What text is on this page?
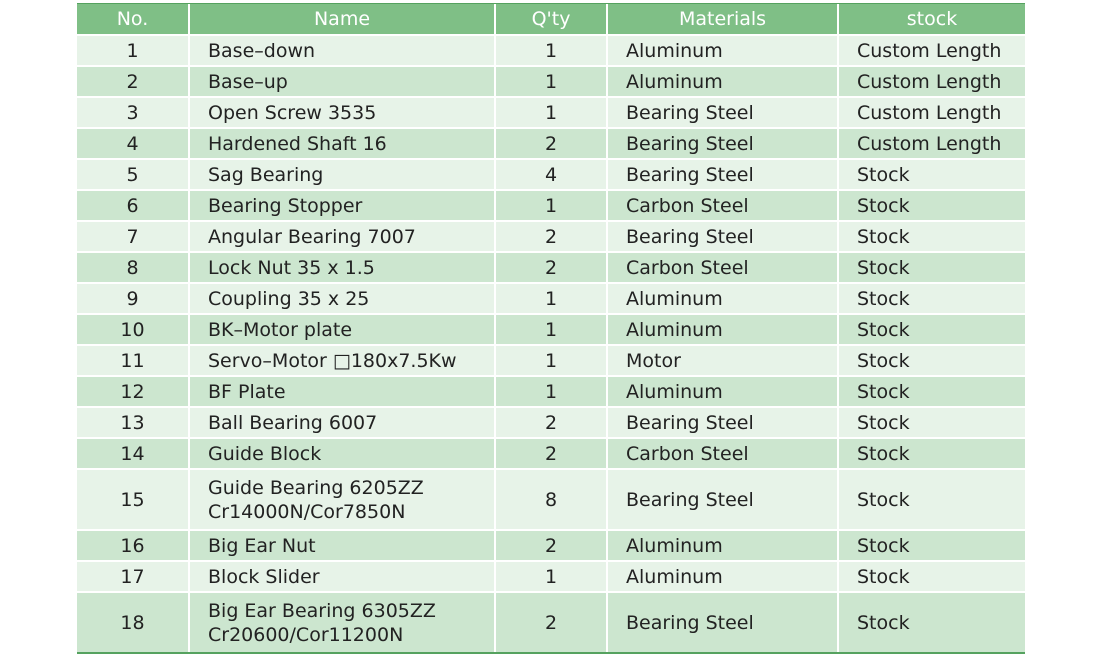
No.	Name	Q'ty	Materials	stock
1	Base–down	1	Aluminum	Custom Length
2	Base–up	1	Aluminum	Custom Length
3	Open Screw 3535	1	Bearing Steel	Custom Length
4	Hardened Shaft 16	2	Bearing Steel	Custom Length
5	Sag Bearing	4	Bearing Steel	Stock
6	Bearing Stopper	1	Carbon Steel	Stock
7	Angular Bearing 7007	2	Bearing Steel	Stock
8	Lock Nut 35 x 1.5	2	Carbon Steel	Stock
9	Coupling 35 x 25	1	Aluminum	Stock
10	BK–Motor plate	1	Aluminum	Stock
11	Servo–Motor □180x7.5Kw	1	Motor	Stock
12	BF Plate	1	Aluminum	Stock
13	Ball Bearing 6007	2	Bearing Steel	Stock
14	Guide Block	2	Carbon Steel	Stock
15	Guide Bearing 6205ZZ
Cr14000N/Cor7850N	8	Bearing Steel	Stock
16	Big Ear Nut	2	Aluminum	Stock
17	Block Slider	1	Aluminum	Stock
18	Big Ear Bearing 6305ZZ
Cr20600/Cor11200N	2	Bearing Steel	Stock
